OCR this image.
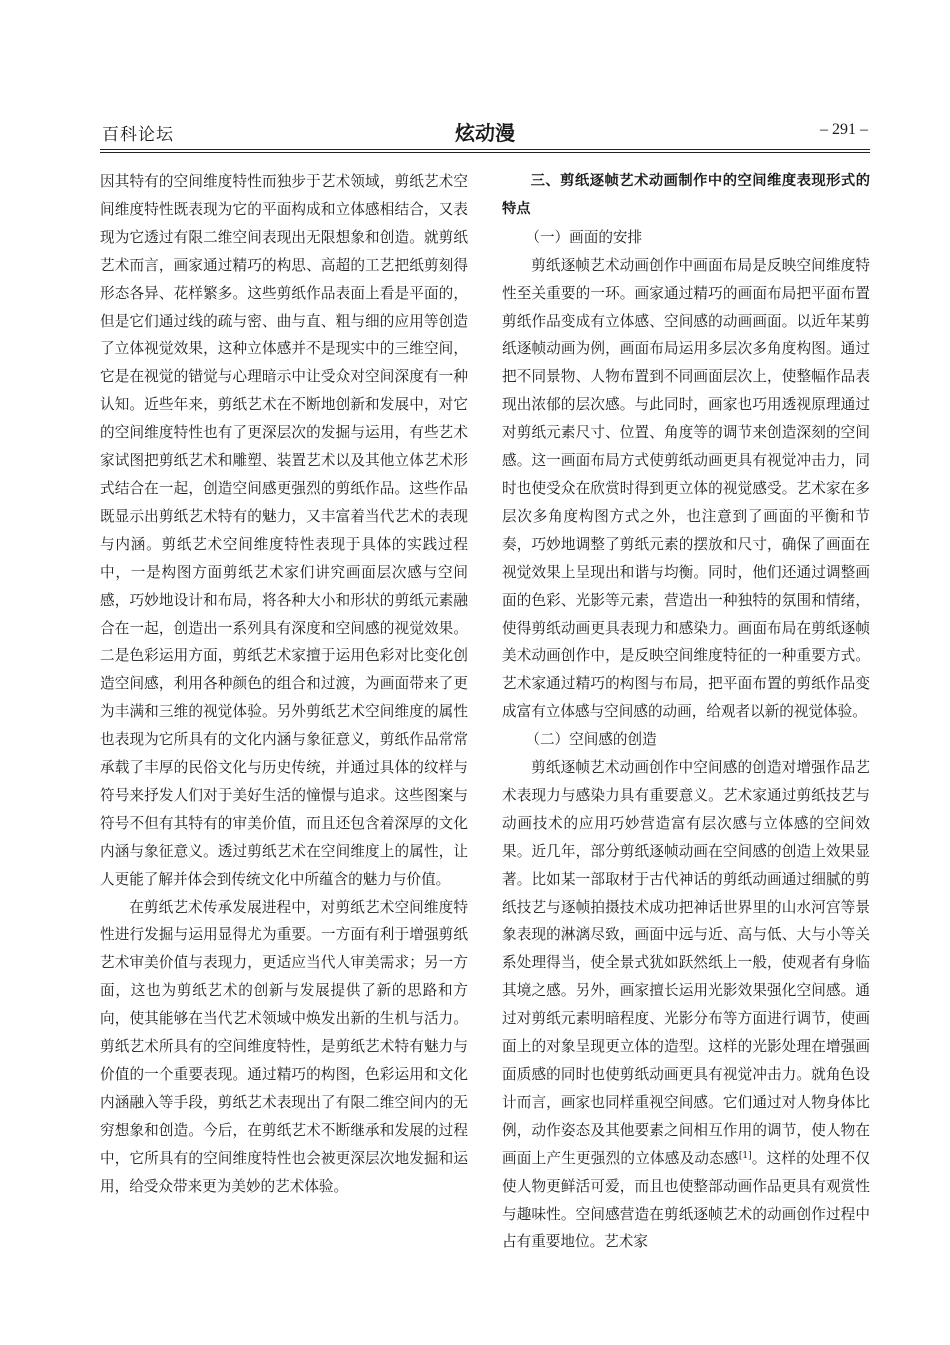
百科论坛	炫动漫	– 291 –

因其特有的空间维度特性而独步于艺术领域，剪纸艺术空间维度特性既表现为它的平面构成和立体感相结合，又表现为它透过有限二维空间表现出无限想象和创造。就剪纸艺术而言，画家通过精巧的构思、高超的工艺把纸剪刻得形态各异、花样繁多。这些剪纸作品表面上看是平面的，但是它们通过线的疏与密、曲与直、粗与细的应用等创造了立体视觉效果，这种立体感并不是现实中的三维空间，它是在视觉的错觉与心理暗示中让受众对空间深度有一种认知。近些年来，剪纸艺术在不断地创新和发展中，对它的空间维度特性也有了更深层次的发掘与运用，有些艺术家试图把剪纸艺术和雕塑、装置艺术以及其他立体艺术形式结合在一起，创造空间感更强烈的剪纸作品。这些作品既显示出剪纸艺术特有的魅力，又丰富着当代艺术的表现与内涵。剪纸艺术空间维度特性表现于具体的实践过程中，一是构图方面剪纸艺术家们讲究画面层次感与空间感，巧妙地设计和布局，将各种大小和形状的剪纸元素融合在一起，创造出一系列具有深度和空间感的视觉效果。二是色彩运用方面，剪纸艺术家擅于运用色彩对比变化创造空间感，利用各种颜色的组合和过渡，为画面带来了更为丰满和三维的视觉体验。另外剪纸艺术空间维度的属性也表现为它所具有的文化内涵与象征意义，剪纸作品常常承载了丰厚的民俗文化与历史传统，并通过具体的纹样与符号来抒发人们对于美好生活的憧憬与追求。这些图案与符号不但有其特有的审美价值，而且还包含着深厚的文化内涵与象征意义。透过剪纸艺术在空间维度上的属性，让人更能了解并体会到传统文化中所蕴含的魅力与价值。

在剪纸艺术传承发展进程中，对剪纸艺术空间维度特性进行发掘与运用显得尤为重要。一方面有利于增强剪纸艺术审美价值与表现力，更适应当代人审美需求；另一方面，这也为剪纸艺术的创新与发展提供了新的思路和方向，使其能够在当代艺术领域中焕发出新的生机与活力。剪纸艺术所具有的空间维度特性，是剪纸艺术特有魅力与价值的一个重要表现。通过精巧的构图，色彩运用和文化内涵融入等手段，剪纸艺术表现出了有限二维空间内的无穷想象和创造。今后，在剪纸艺术不断继承和发展的过程中，它所具有的空间维度特性也会被更深层次地发掘和运用，给受众带来更为美妙的艺术体验。

三、剪纸逐帧艺术动画制作中的空间维度表现形式的特点

（一）画面的安排

剪纸逐帧艺术动画创作中画面布局是反映空间维度特性至关重要的一环。画家通过精巧的画面布局把平面布置剪纸作品变成有立体感、空间感的动画画面。以近年某剪纸逐帧动画为例，画面布局运用多层次多角度构图。通过把不同景物、人物布置到不同画面层次上，使整幅作品表现出浓郁的层次感。与此同时，画家也巧用透视原理通过对剪纸元素尺寸、位置、角度等的调节来创造深刻的空间感。这一画面布局方式使剪纸动画更具有视觉冲击力，同时也使受众在欣赏时得到更立体的视觉感受。艺术家在多层次多角度构图方式之外，也注意到了画面的平衡和节奏，巧妙地调整了剪纸元素的摆放和尺寸，确保了画面在视觉效果上呈现出和谐与均衡。同时，他们还通过调整画面的色彩、光影等元素，营造出一种独特的氛围和情绪，使得剪纸动画更具表现力和感染力。画面布局在剪纸逐帧美术动画创作中，是反映空间维度特征的一种重要方式。艺术家通过精巧的构图与布局，把平面布置的剪纸作品变成富有立体感与空间感的动画，给观者以新的视觉体验。

（二）空间感的创造

剪纸逐帧艺术动画创作中空间感的创造对增强作品艺术表现力与感染力具有重要意义。艺术家通过剪纸技艺与动画技术的应用巧妙营造富有层次感与立体感的空间效果。近几年，部分剪纸逐帧动画在空间感的创造上效果显著。比如某一部取材于古代神话的剪纸动画通过细腻的剪纸技艺与逐帧拍摄技术成功把神话世界里的山水河宫等景象表现的淋漓尽致，画面中远与近、高与低、大与小等关系处理得当，使全景式犹如跃然纸上一般，使观者有身临其境之感。另外，画家擅长运用光影效果强化空间感。通过对剪纸元素明暗程度、光影分布等方面进行调节，使画面上的对象呈现更立体的造型。这样的光影处理在增强画面质感的同时也使剪纸动画更具有视觉冲击力。就角色设计而言，画家也同样重视空间感。它们通过对人物身体比例，动作姿态及其他要素之间相互作用的调节，使人物在画面上产生更强烈的立体感及动态感[1]。这样的处理不仅使人物更鲜活可爱，而且也使整部动画作品更具有观赏性与趣味性。空间感营造在剪纸逐帧艺术的动画创作过程中占有重要地位。艺术家
